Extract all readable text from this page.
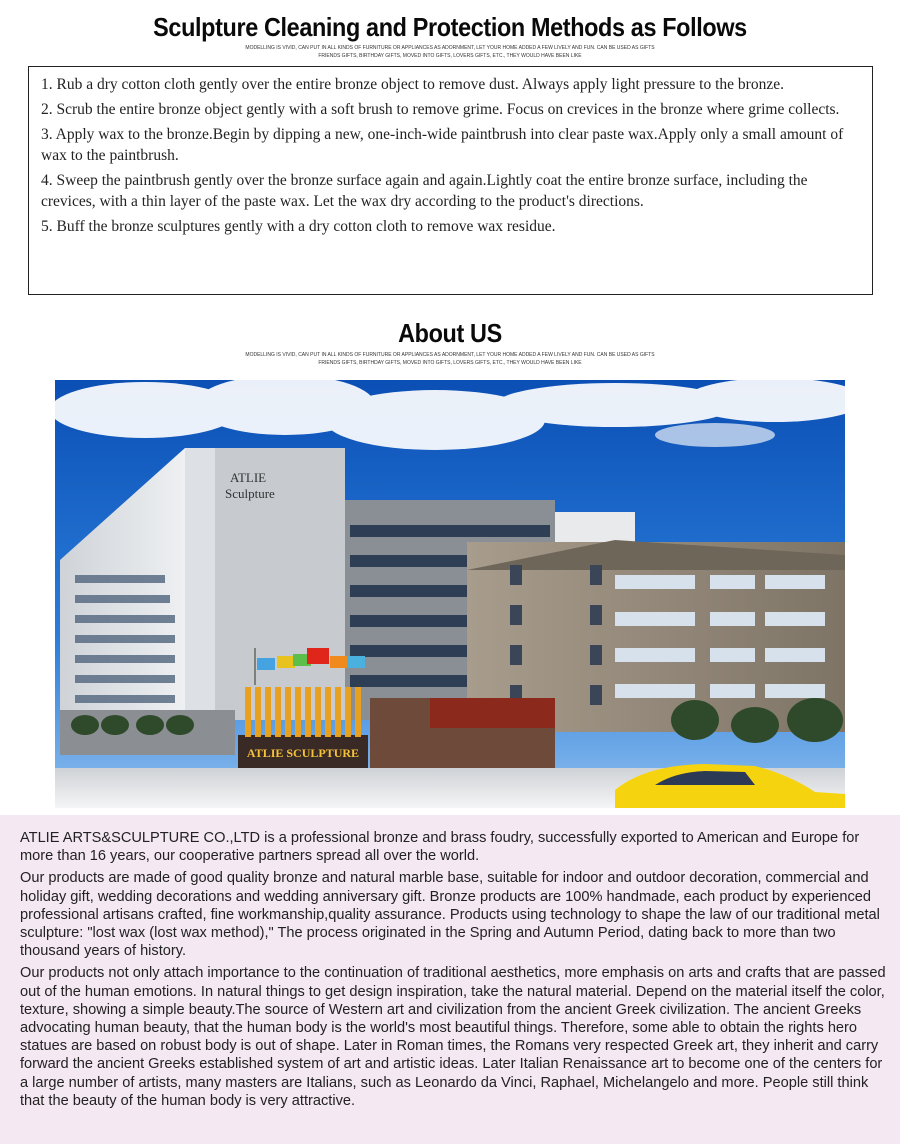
Sculpture Cleaning and Protection Methods as Follows
MODELLING IS VIVID, CAN PUT IN ALL KINDS OF FURNITURE OR APPLIANCES AS ADORNMENT, LET YOUR HOME ADDED A FEW LIVELY AND FUN. CAN BE USED AS GIFTS FRIENDS GIFTS, BIRTHDAY GIFTS, MOVED INTO GIFTS, LOVERS GIFTS, ETC., THEY WOULD HAVE BEEN LIKE

1. Rub a dry cotton cloth gently over the entire bronze object to remove dust. Always apply light pressure to the bronze.

2. Scrub the entire bronze object gently with a soft brush to remove grime. Focus on crevices in the bronze where grime collects.

3. Apply wax to the bronze.Begin by dipping a new, one-inch-wide paintbrush into clear paste wax.Apply only a small amount of wax to the paintbrush.

4. Sweep the paintbrush gently over the bronze surface again and again.Lightly coat the entire bronze surface, including the crevices, with a thin layer of the paste wax. Let the wax dry according to the product's directions.

5. Buff the bronze sculptures gently with a dry cotton cloth to remove wax residue.

About US
MODELLING IS VIVID, CAN PUT IN ALL KINDS OF FURNITURE OR APPLIANCES AS ADORNMENT, LET YOUR HOME ADDED A FEW LIVELY AND FUN. CAN BE USED AS GIFTS FRIENDS GIFTS, BIRTHDAY GIFTS, MOVED INTO GIFTS, LOVERS GIFTS, ETC., THEY WOULD HAVE BEEN LIKE
ATLIE
Sculpture
ATLIE SCULPTURE

ATLIE ARTS&SCULPTURE CO.,LTD is a professional bronze and brass foudry, successfully exported to American and Europe for more than 16 years, our cooperative partners spread all over the world.

Our products are made of good quality bronze and natural marble base, suitable for indoor and outdoor decoration, commercial and holiday gift, wedding decorations and wedding anniversary gift. Bronze products are 100% handmade, each product by experienced professional artisans crafted, fine workmanship,quality assurance. Products using technology to shape the law of our traditional metal sculpture: "lost wax (lost wax method)," The process originated in the Spring and Autumn Period, dating back to more than two thousand years of history.

Our products not only attach importance to the continuation of traditional aesthetics, more emphasis on arts and crafts that are passed out of the human emotions. In natural things to get design inspiration, take the natural material. Depend on the material itself the color, texture, showing a simple beauty.The source of Western art and civilization from the ancient Greek civilization. The ancient Greeks advocating human beauty, that the human body is the world's most beautiful things. Therefore, some able to obtain the rights hero statues are based on robust body is out of shape. Later in Roman times, the Romans very respected Greek art, they inherit and carry forward the ancient Greeks established system of art and artistic ideas. Later Italian Renaissance art to become one of the centers for a large number of artists, many masters are Italians, such as Leonardo da Vinci, Raphael, Michelangelo and more. People still think that the beauty of the human body is very attractive.
